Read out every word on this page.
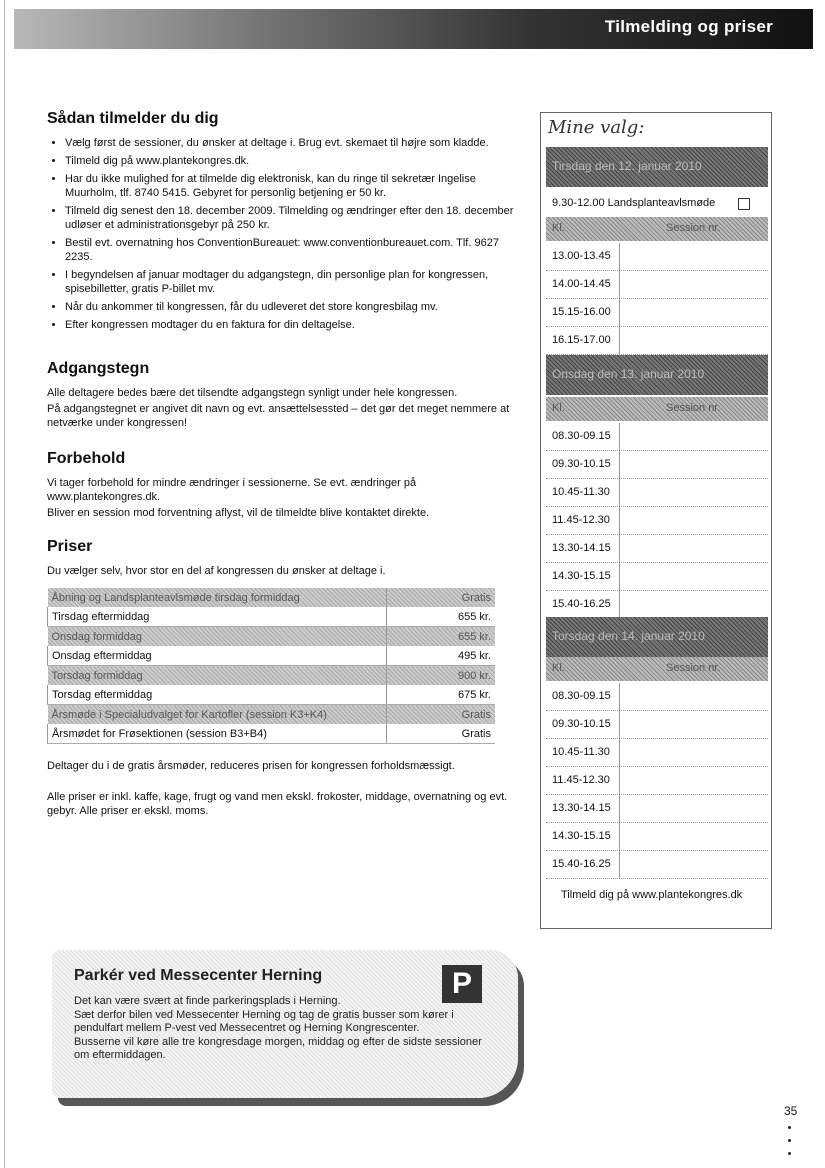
Tilmelding og priser
Sådan tilmelder du dig
• Vælg først de sessioner, du ønsker at deltage i. Brug evt. skemaet til højre som kladde.
• Tilmeld dig på www.plantekongres.dk.
• Har du ikke mulighed for at tilmelde dig elektronisk, kan du ringe til sekretær Ingelise Muurholm, tlf. 8740 5415. Gebyret for personlig betjening er 50 kr.
• Tilmeld dig senest den 18. december 2009. Tilmelding og ændringer efter den 18. december udløser et administrationsgebyr på 250 kr.
• Bestil evt. overnatning hos ConventionBureauet: www.conventionbureauet.com. Tlf. 9627 2235.
• I begyndelsen af januar modtager du adgangstegn, din personlige plan for kongressen, spisebilletter, gratis P-billet mv.
• Når du ankommer til kongressen, får du udleveret det store kongresbilag mv.
• Efter kongressen modtager du en faktura for din deltagelse.
Adgangstegn

Alle deltagere bedes bære det tilsendte adgangstegn synligt under hele kongressen.

På adgangstegnet er angivet dit navn og evt. ansættelsessted – det gør det meget nemmere at netværke under kongressen!

Forbehold

Vi tager forbehold for mindre ændringer i sessionerne. Se evt. ændringer på www.plantekongres.dk.

Bliver en session mod forventning aflyst, vil de tilmeldte blive kontaktet direkte.

Priser

Du vælger selv, hvor stor en del af kongressen du ønsker at deltage i.

Åbning og Landsplanteavlsmøde tirsdag formiddag	Gratis
Tirsdag eftermiddag	655 kr.
Onsdag formiddag	655 kr.
Onsdag eftermiddag	495 kr.
Torsdag formiddag	900 kr.
Torsdag eftermiddag	675 kr.
Årsmøde i Specialudvalget for Kartofler (session K3+K4)	Gratis
Årsmødet for Frøsektionen (session B3+B4)	Gratis
Deltager du i de gratis årsmøder, reduceres prisen for kongressen forholdsmæssigt.
Alle priser er inkl. kaffe, kage, frugt og vand men ekskl. frokoster, middage, overnatning og evt. gebyr. Alle priser er ekskl. moms.
Mine valg:
Tirsdag den 12. januar 2010
9.30-12.00 Landsplanteavlsmøde
Kl.	Session nr.
13.00-13.45
14.00-14.45
15.15-16.00
16.15-17.00
Onsdag den 13. januar 2010
Kl.	Session nr.
08.30-09.15
09.30-10.15
10.45-11.30
11.45-12.30
13.30-14.15
14.30-15.15
15.40-16.25
Torsdag den 14. januar 2010
Kl.	Session nr.
08.30-09.15
09.30-10.15
10.45-11.30
11.45-12.30
13.30-14.15
14.30-15.15
15.40-16.25
Tilmeld dig på www.plantekongres.dk
Parkér ved Messecenter Herning	P
Det kan være svært at finde parkeringsplads i Herning.
Sæt derfor bilen ved Messecenter Herning og tag de gratis busser som kører i pendulfart mellem P-vest ved Messecentret og Herning Kongrescenter.
Busserne vil køre alle tre kongresdage morgen, middag og efter de sidste sessioner om eftermiddagen.
35
